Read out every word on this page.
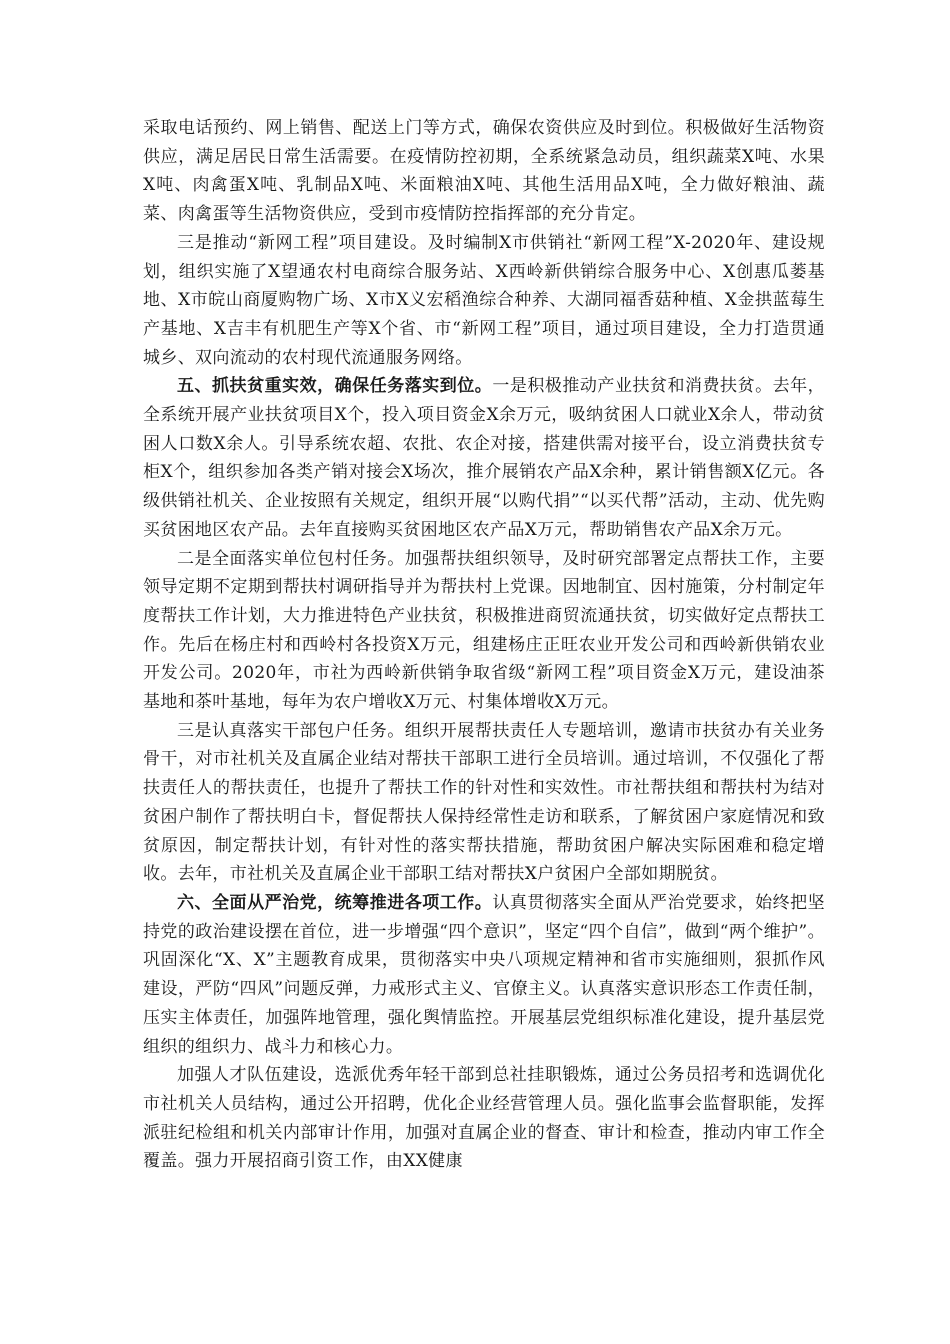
采取电话预约、网上销售、配送上门等方式，确保农资供应及时到位。积极做好生活物资供应，满足居民日常生活需要。在疫情防控初期，全系统紧急动员，组织蔬菜X吨、水果X吨、肉禽蛋X吨、乳制品X吨、米面粮油X吨、其他生活用品X吨，全力做好粮油、蔬菜、肉禽蛋等生活物资供应，受到市疫情防控指挥部的充分肯定。

三是推动“新网工程”项目建设。及时编制X市供销社“新网工程”X-2020年、建设规划，组织实施了X望通农村电商综合服务站、X西岭新供销综合服务中心、X创惠瓜蒌基地、X市皖山商厦购物广场、X市X义宏稻渔综合种养、大湖同福香菇种植、X金拱蓝莓生产基地、X吉丰有机肥生产等X个省、市“新网工程”项目，通过项目建设，全力打造贯通城乡、双向流动的农村现代流通服务网络。

五、抓扶贫重实效，确保任务落实到位。一是积极推动产业扶贫和消费扶贫。去年，全系统开展产业扶贫项目X个，投入项目资金X余万元，吸纳贫困人口就业X余人，带动贫困人口数X余人。引导系统农超、农批、农企对接，搭建供需对接平台，设立消费扶贫专柜X个，组织参加各类产销对接会X场次，推介展销农产品X余种，累计销售额X亿元。各级供销社机关、企业按照有关规定，组织开展“以购代捐”“以买代帮”活动，主动、优先购买贫困地区农产品。去年直接购买贫困地区农产品X万元，帮助销售农产品X余万元。

二是全面落实单位包村任务。加强帮扶组织领导，及时研究部署定点帮扶工作，主要领导定期不定期到帮扶村调研指导并为帮扶村上党课。因地制宜、因村施策，分村制定年度帮扶工作计划，大力推进特色产业扶贫，积极推进商贸流通扶贫，切实做好定点帮扶工作。先后在杨庄村和西岭村各投资X万元，组建杨庄正旺农业开发公司和西岭新供销农业开发公司。2020年，市社为西岭新供销争取省级“新网工程”项目资金X万元，建设油茶基地和茶叶基地，每年为农户增收X万元、村集体增收X万元。

三是认真落实干部包户任务。组织开展帮扶责任人专题培训，邀请市扶贫办有关业务骨干，对市社机关及直属企业结对帮扶干部职工进行全员培训。通过培训，不仅强化了帮扶责任人的帮扶责任，也提升了帮扶工作的针对性和实效性。市社帮扶组和帮扶村为结对贫困户制作了帮扶明白卡，督促帮扶人保持经常性走访和联系，了解贫困户家庭情况和致贫原因，制定帮扶计划，有针对性的落实帮扶措施，帮助贫困户解决实际困难和稳定增收。去年，市社机关及直属企业干部职工结对帮扶X户贫困户全部如期脱贫。

六、全面从严治党，统筹推进各项工作。认真贯彻落实全面从严治党要求，始终把坚持党的政治建设摆在首位，进一步增强“四个意识”，坚定“四个自信”，做到“两个维护”。巩固深化“X、X”主题教育成果，贯彻落实中央八项规定精神和省市实施细则，狠抓作风建设，严防“四风”问题反弹，力戒形式主义、官僚主义。认真落实意识形态工作责任制，压实主体责任，加强阵地管理，强化舆情监控。开展基层党组织标准化建设，提升基层党组织的组织力、战斗力和核心力。

加强人才队伍建设，选派优秀年轻干部到总社挂职锻炼，通过公务员招考和选调优化市社机关人员结构，通过公开招聘，优化企业经营管理人员。强化监事会监督职能，发挥派驻纪检组和机关内部审计作用，加强对直属企业的督查、审计和检查，推动内审工作全覆盖。强力开展招商引资工作，由XX健康
